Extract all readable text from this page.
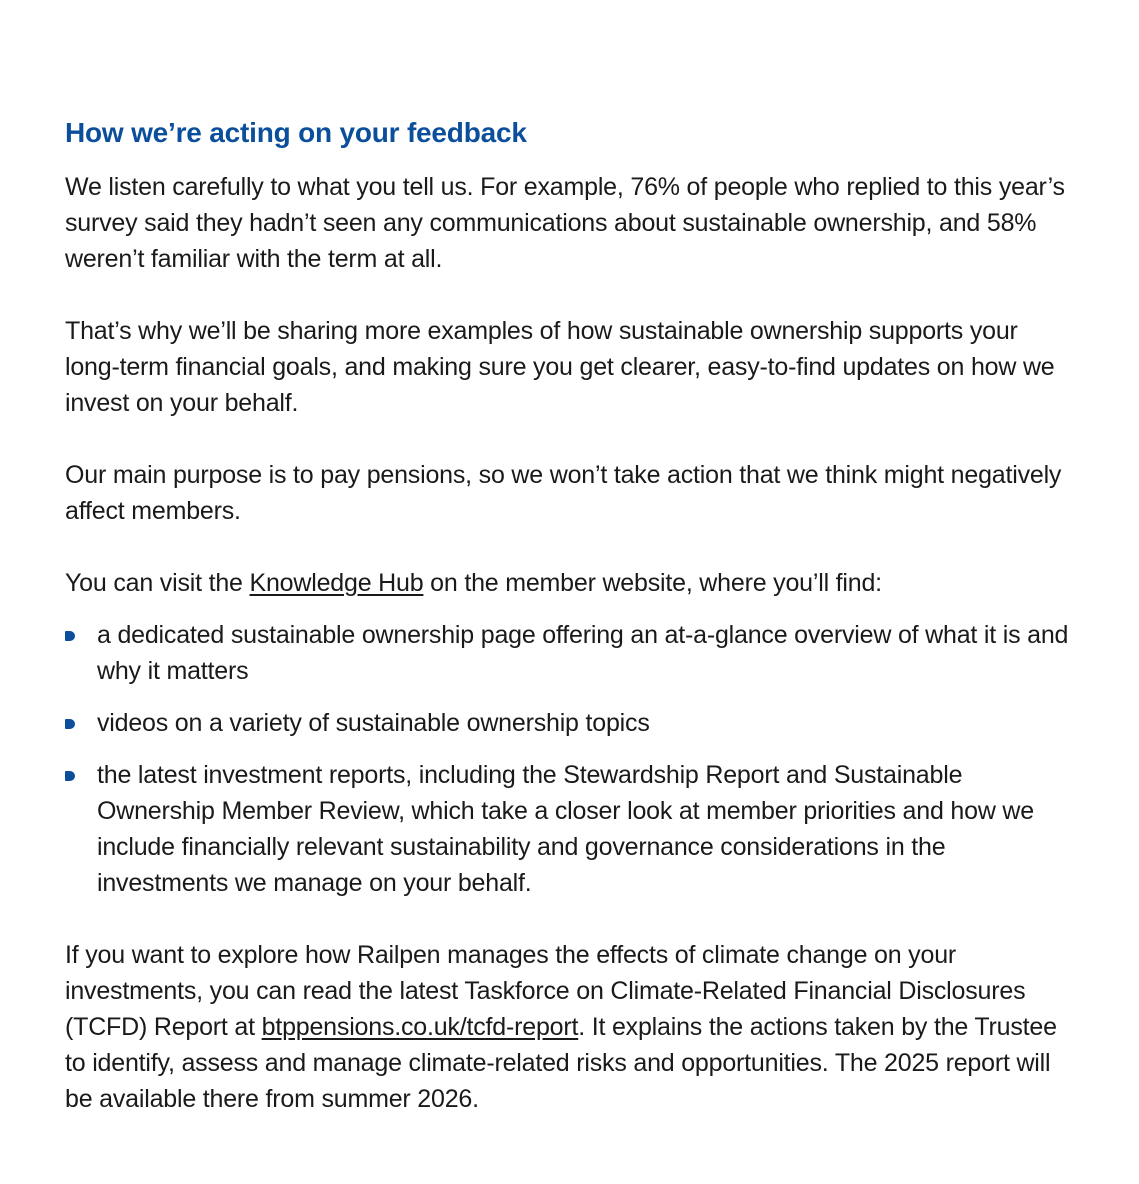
How we’re acting on your feedback

We listen carefully to what you tell us. For example, 76% of people who replied to this year’s survey said they hadn’t seen any communications about sustainable ownership, and 58% weren’t familiar with the term at all.

That’s why we’ll be sharing more examples of how sustainable ownership supports your long-term financial goals, and making sure you get clearer, easy-to-find updates on how we invest on your behalf.

Our main purpose is to pay pensions, so we won’t take action that we think might negatively affect members.

You can visit the Knowledge Hub on the member website, where you’ll find:

a dedicated sustainable ownership page offering an at-a-glance overview of what it is and why it matters
videos on a variety of sustainable ownership topics
the latest investment reports, including the Stewardship Report and Sustainable Ownership Member Review, which take a closer look at member priorities and how we include financially relevant sustainability and governance considerations in the investments we manage on your behalf.

If you want to explore how Railpen manages the effects of climate change on your investments, you can read the latest Taskforce on Climate-Related Financial Disclosures (TCFD) Report at btppensions.co.uk/tcfd-report. It explains the actions taken by the Trustee to identify, assess and manage climate-related risks and opportunities. The 2025 report will be available there from summer 2026.
